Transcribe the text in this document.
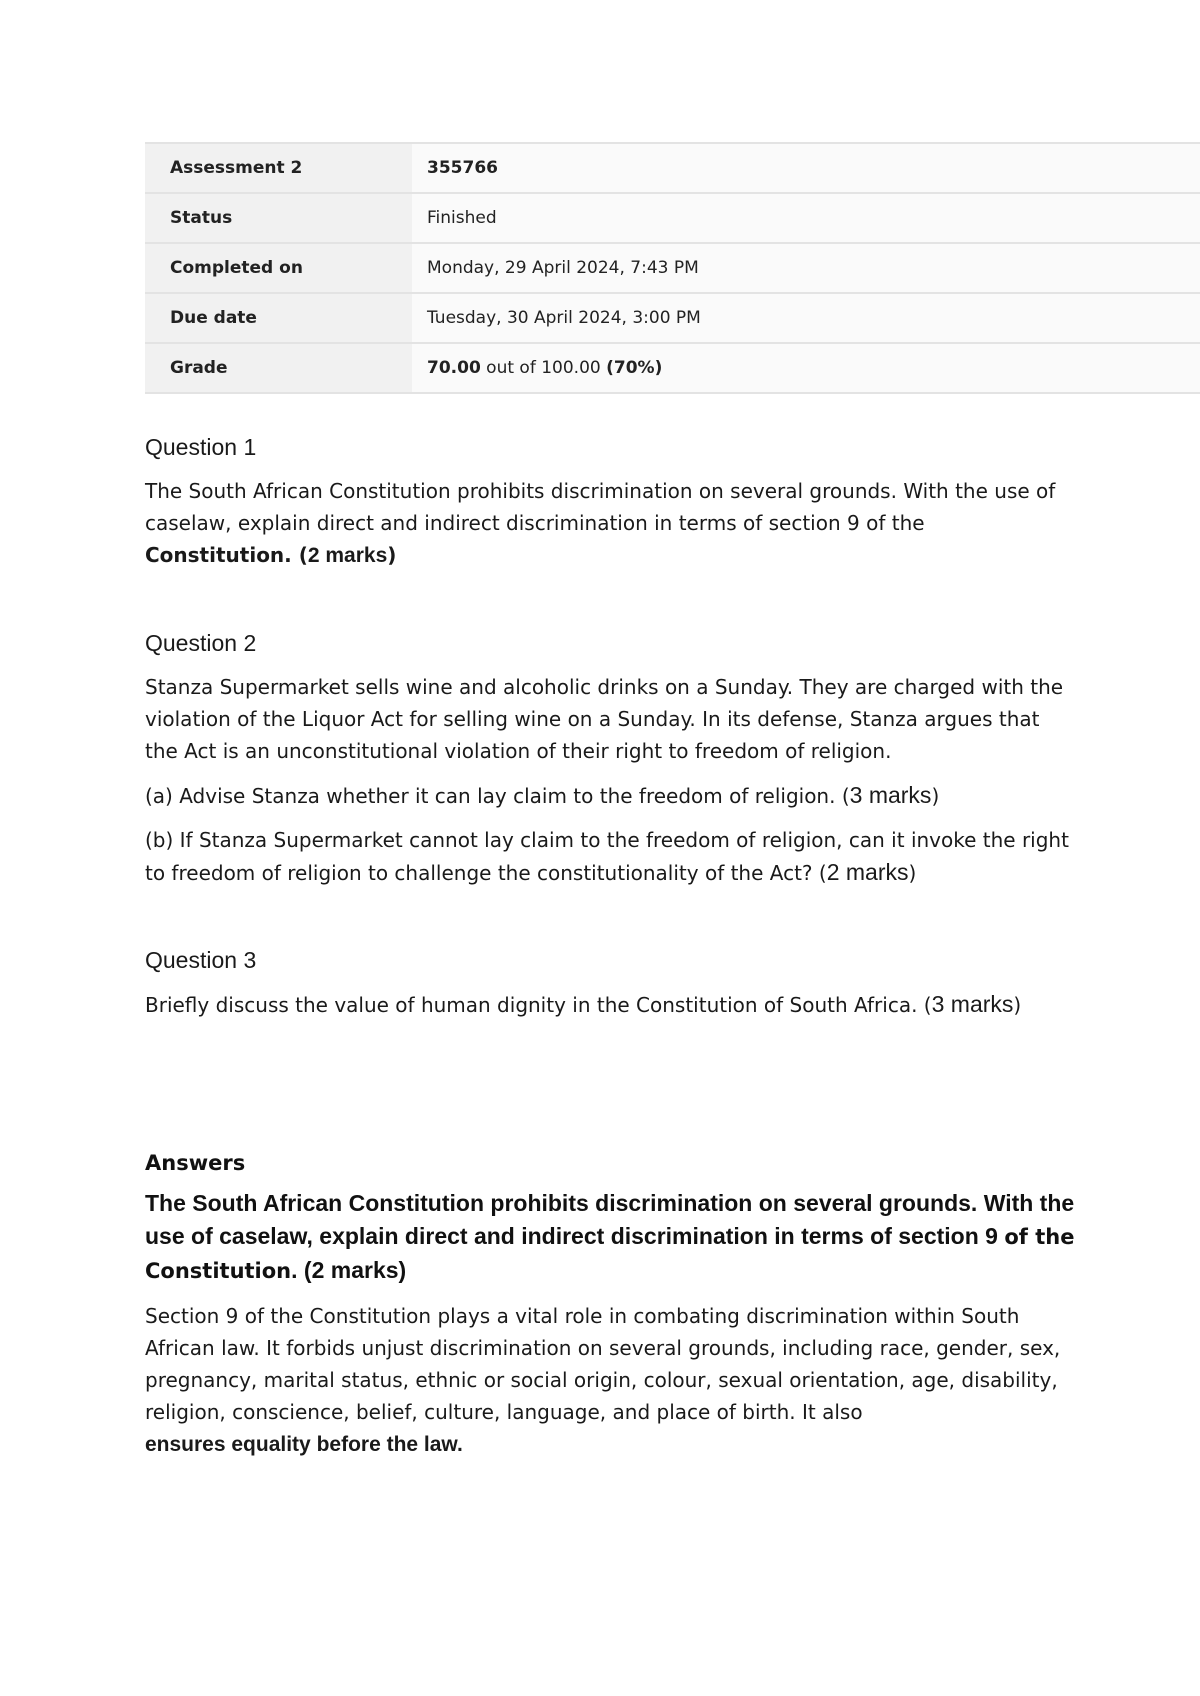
Assessment 2	355766
Status	Finished
Completed on	Monday, 29 April 2024, 7:43 PM
Due date	Tuesday, 30 April 2024, 3:00 PM
Grade	70.00 out of 100.00 (70%)
Question 1

The South African Constitution prohibits discrimination on several grounds. With the use of caselaw, explain direct and indirect discrimination in terms of section 9 of the Constitution. (2 marks)

Question 2

Stanza Supermarket sells wine and alcoholic drinks on a Sunday. They are charged with the violation of the Liquor Act for selling wine on a Sunday. In its defense, Stanza argues that the Act is an unconstitutional violation of their right to freedom of religion.

(a) Advise Stanza whether it can lay claim to the freedom of religion. (3 marks)

(b) If Stanza Supermarket cannot lay claim to the freedom of religion, can it invoke the right to freedom of religion to challenge the constitutionality of the Act? (2 marks)

Question 3

Briefly discuss the value of human dignity in the Constitution of South Africa. (3 marks)

Answers

The South African Constitution prohibits discrimination on several grounds. With the use of caselaw, explain direct and indirect discrimination in terms of section 9 of the Constitution. (2 marks)

Section 9 of the Constitution plays a vital role in combating discrimination within South African law. It forbids unjust discrimination on several grounds, including race, gender, sex, pregnancy, marital status, ethnic or social origin, colour, sexual orientation, age, disability, religion, conscience, belief, culture, language, and place of birth. It also
ensures equality before the law.
